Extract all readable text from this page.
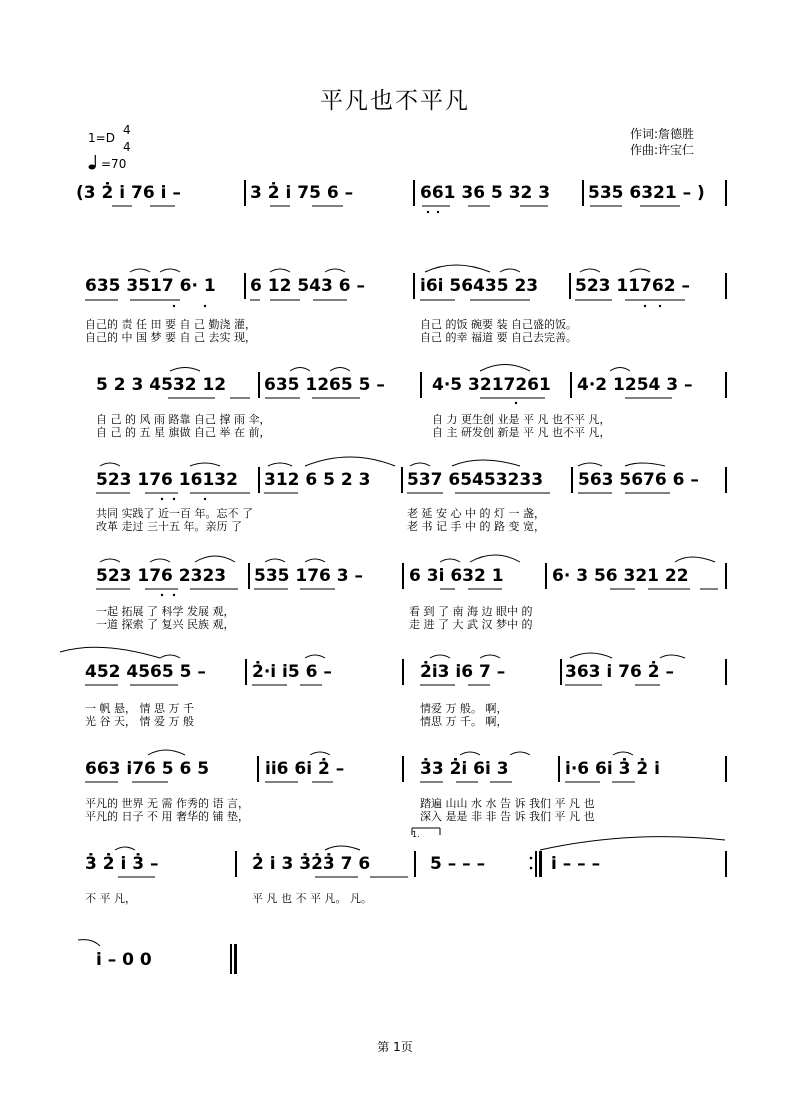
平凡也不平凡
1=D
4
4
=70
作词:詹德胜
作曲:许宝仁
(3 2̇ i̇ 76 i̇ –	3 2̇ i̇ 75 6 –	661 36 5 32 3 535 6321 – )
635 3517 6· 1 6 12 543 6 –	i̇6i̇ 56435 23 523 11762 –
自己的 责 任 田 要 自 己 勤浇 灌，	自己 的饭 碗要 装 自己盛的饭。
自己的 中 国 梦 要 自 己 去实 现，	自己 的幸 福道 要 自己去完善。
5 2 3 4532 12 635 1265 5 –	4·5 3217261 4·2 1254 3 –
自 己 的 风 雨 路靠 自己 撑 雨 伞，	自 力 更生创 业是 平 凡 也不平 凡，
自 己 的 五 星 旗做 自己 举 在 前，	自 主 研发创 新是 平 凡 也不平 凡，
523 176 16132 312 6 5 2 3 537 65453233 563 5676 6 –
共同 实践了 近一百 年。忘不 了	老 延 安 心 中 的 灯 一 盏，
改革 走过 三十五 年。亲历 了	老 书 记 手 中 的 路 变 宽，
523 176 2323 535 176 3 –	6 3i̇ 632 1	6· 3 56 321 22
一起 拓展 了 科学 发展 观，	看 到 了 南 海 边 眼中 的
一道 探索 了 复兴 民族 观，	走 进 了 大 武 汉 梦中 的
452 4565 5 –	2̇·i̇ i̇5 6 –	2̇i̇3 i̇6 7 –	363 i̇ 76 2̇ –
一 帆 悬， 情 思 万 千	情爱 万 般。 啊，
光 谷 天， 情 爱 万 般	情思 万 千。 啊，
663 i̇76 5 6 5	i̇i̇6 6i̇ 2̇ –	3̇3 2̇i̇ 6i̇ 3	i̇·6 6i̇ 3̇ 2̇ i̇
平凡的 世界 无 需 作秀的 语 言，	踏遍 山山 水 水 告 诉 我们 平 凡 也
平凡的 日子 不 用 奢华的 铺 垫，	深入 是是 非 非 告 诉 我们 平 凡 也
1.
3̇ 2̇ i̇ 3̇ –	2̇ i̇ 3 3̇2̇3̇ 7 6	5 – – –	i̇ – – –
不 平 凡，	平 凡 也 不 平 凡。 凡。
i̇ – 0 0
第 1页
